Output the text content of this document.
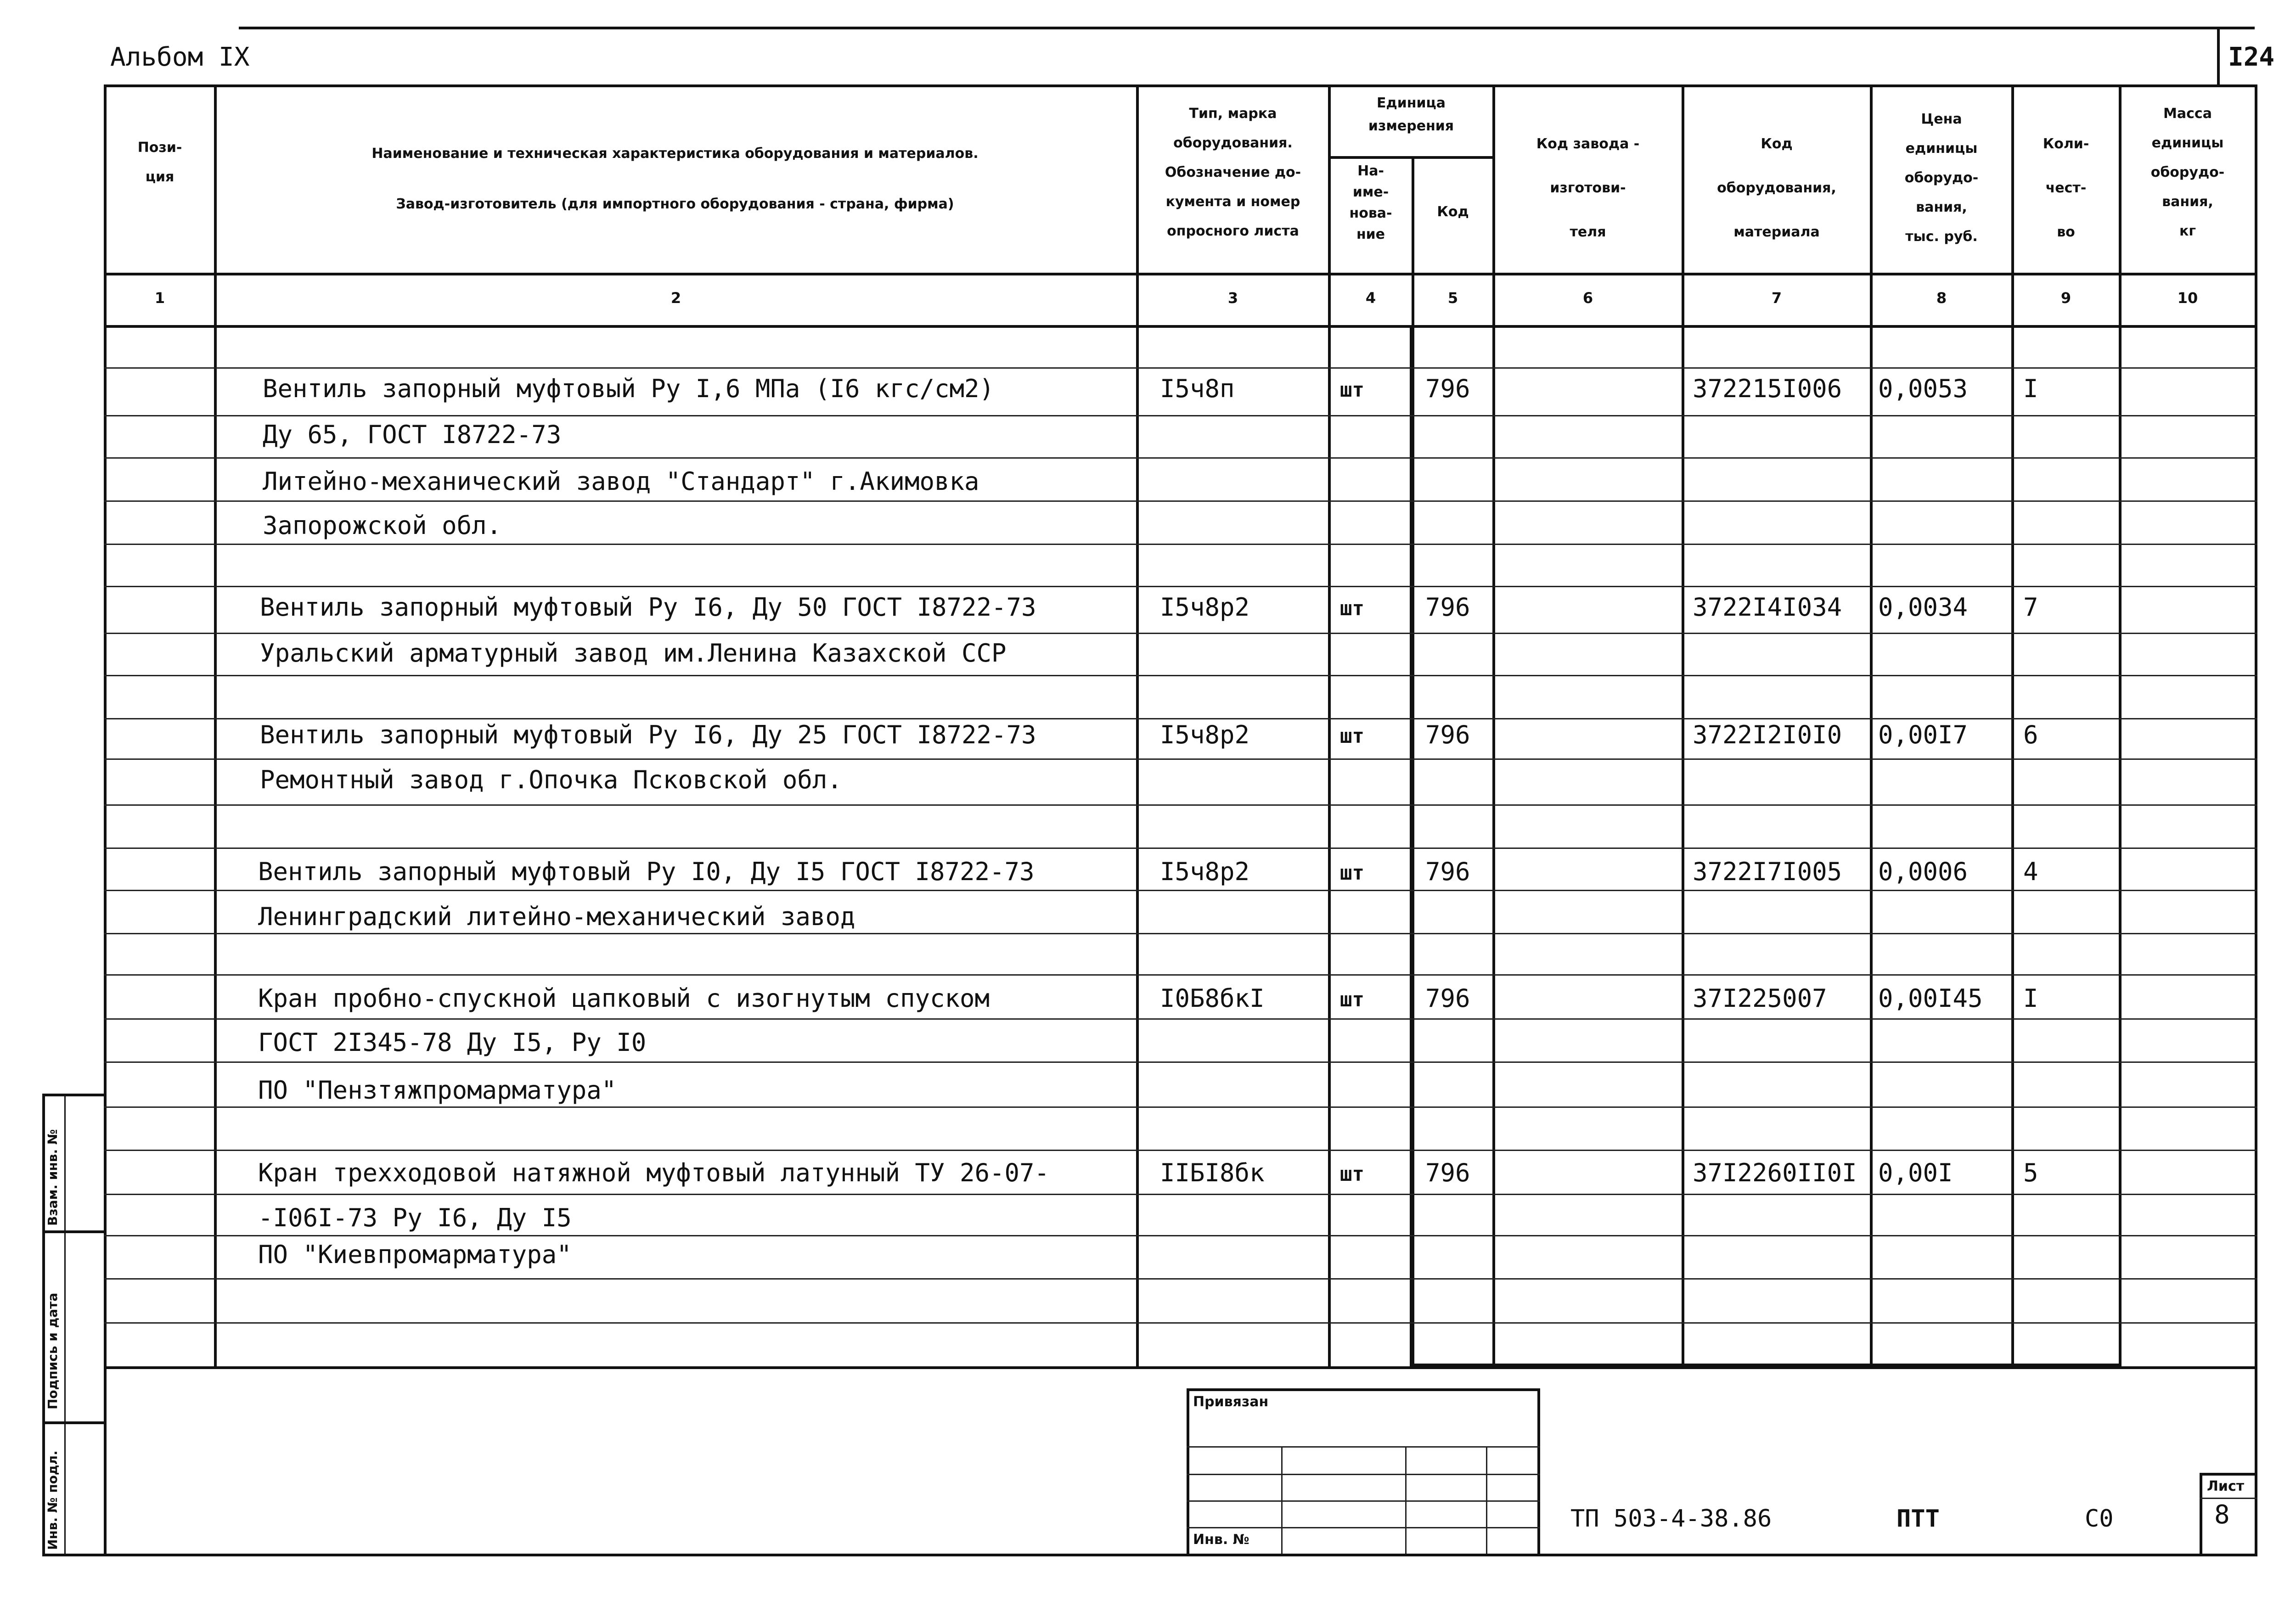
Альбом IX	I24
Пози-
ция
Наименование и техническая характеристика оборудования и материалов.
Завод-изготовитель (для импортного оборудования - страна, фирма)
Тип, марка
оборудования.
Обозначение до-
кумента и номер
опросного листа
Единица
измерения
На-
име-
нова-
ние
Код
Код завода -
изготови-
теля
Код
оборудования,
материала
Цена
единицы
оборудо-
вания,
тыс. руб.
Коли-
чест-
во
Масса
единицы
оборудо-
вания,
кг
1	2	3	4	5	6	7	8	9	10
Вентиль запорный муфтовый Ру I,6 МПа (I6 кгс/см2)	I5ч8п	шт 796	372215I006 0,0053 I
Ду 65, ГОСТ I8722-73
Литейно-механический завод "Стандарт" г.Акимовка
Запорожской обл.
Вентиль запорный муфтовый Ру I6, Ду 50 ГОСТ I8722-73	I5ч8р2	шт 796	3722I4I034 0,0034 7
Уральский арматурный завод им.Ленина Казахской ССР
Вентиль запорный муфтовый Ру I6, Ду 25 ГОСТ I8722-73	I5ч8р2	шт 796	3722I2I0I0 0,00I7 6
Ремонтный завод г.Опочка Псковской обл.
Вентиль запорный муфтовый Ру I0, Ду I5 ГОСТ I8722-73	I5ч8р2	шт 796	3722I7I005 0,0006 4
Ленинградский литейно-механический завод
Кран пробно-спускной цапковый с изогнутым спуском	I0Б8бкI	шт 796	37I225007 0,00I45 I
ГОСТ 2I345-78 Ду I5, Ру I0
ПО "Пензтяжпромарматура"
Кран трехходовой натяжной муфтовый латунный ТУ 26-07-	IIБI8бк	шт 796	37I2260II0I 0,00I	5
-I06I-73 Ру I6, Ду I5
ПО "Киевпромарматура"
Взам. инв. №
Подпись и дата
Инв. № подл.
Привязан
Инв. №
ТП 503-4-38.86	ПТТ	С0
Лист
8
